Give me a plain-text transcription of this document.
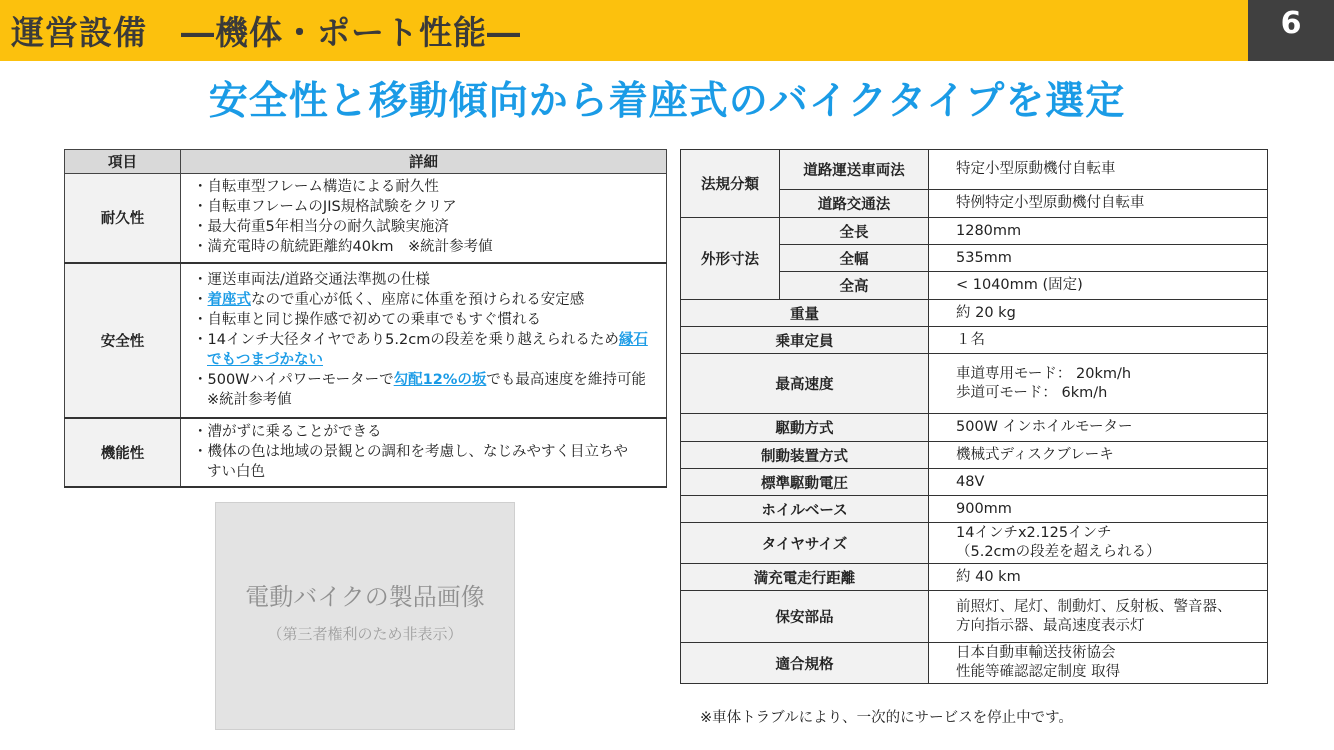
運営設備　―機体・ポート性能―	6
安全性と移動傾向から着座式のバイクタイプを選定
項目	詳細
耐久性	・自転車型フレーム構造による耐久性
・自転車フレームのJIS規格試験をクリア
・最大荷重5年相当分の耐久試験実施済
・満充電時の航続距離約40km　※統計参考値

安全性	・運送車両法/道路交通法準拠の仕様
・着座式なので重心が低く、座席に体重を預けられる安定感
・自転車と同じ操作感で初めての乗車でもすぐ慣れる
・14インチ大径タイヤであり5.2cmの段差を乗り越えられるため縁石でもつまづかない
・500Wハイパワーモーターで勾配12%の坂でも最高速度を維持可能　※統計参考値

機能性	・漕がずに乗ることができる
・機体の色は地域の景観との調和を考慮し、なじみやすく目立ちやすい白色
電動バイクの製品画像
（第三者権利のため非表示）
法規分類	道路運送車両法	特定小型原動機付自転車
	道路交通法	特例特定小型原動機付自転車
外形寸法	全長	1280mm
	全幅	535mm
	全高	< 1040mm (固定)
重量		約 20 kg
乗車定員		１名
最高速度		車道専用モード： 20km/h
歩道可モード： 6km/h

駆動方式		500W インホイルモーター
制動装置方式		機械式ディスクブレーキ
標準駆動電圧		48V
ホイルベース		900mm
タイヤサイズ		14インチx2.125インチ
（5.2cmの段差を超えられる）

満充電走行距離		約 40 km
保安部品		前照灯、尾灯、制動灯、反射板、警音器、
方向指示器、最高速度表示灯

適合規格		日本自動車輸送技術協会
性能等確認認定制度 取得
※車体トラブルにより、一次的にサービスを停止中です。
